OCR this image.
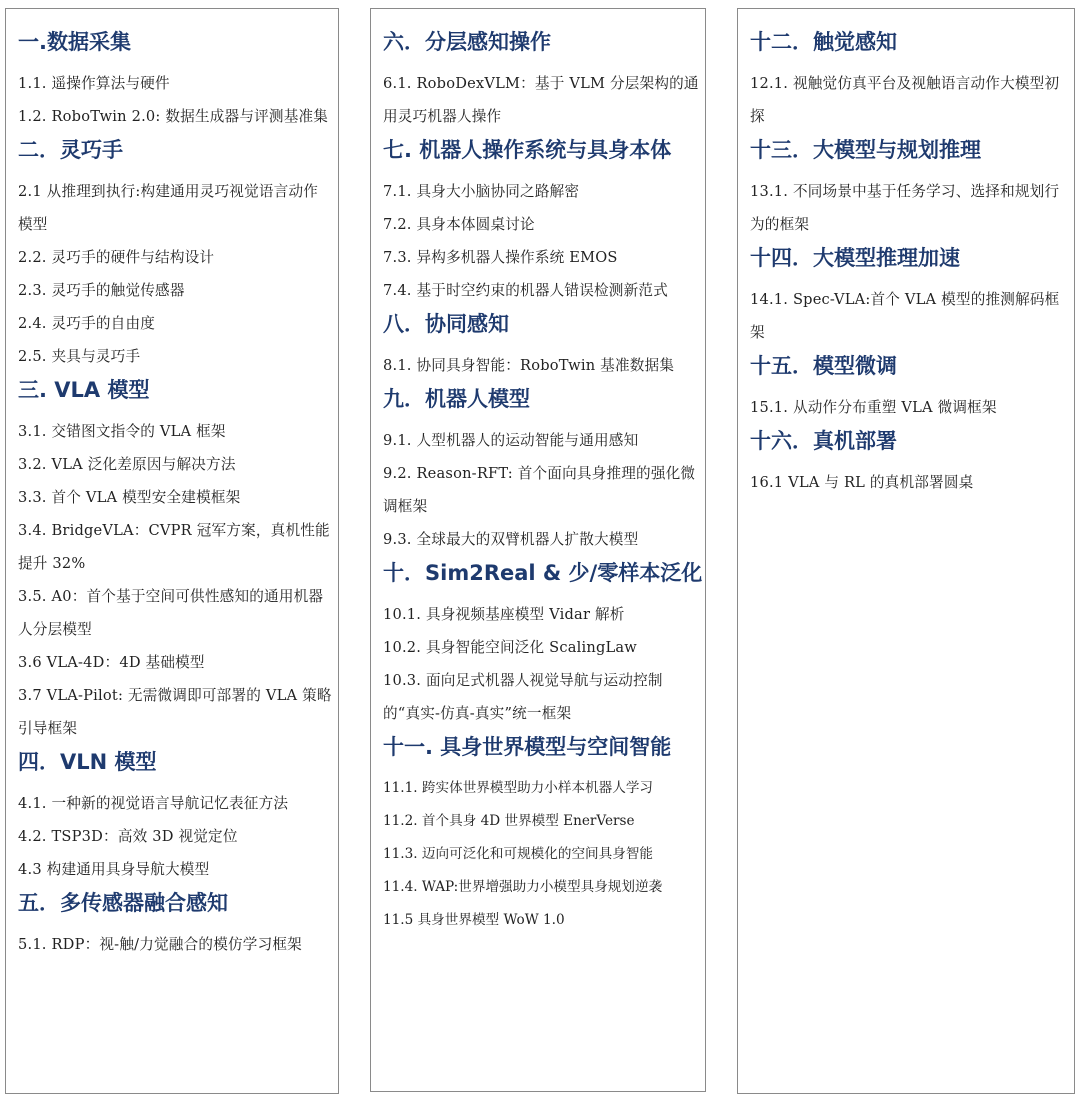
一.数据采集
1.1. 遥操作算法与硬件
1.2. RoboTwin 2.0: 数据生成器与评测基准集
二．灵巧手
2.1 从推理到执行:构建通用灵巧视觉语言动作模型
2.2. 灵巧手的硬件与结构设计
2.3. 灵巧手的触觉传感器
2.4. 灵巧手的自由度
2.5. 夹具与灵巧手
三. VLA 模型
3.1. 交错图文指令的 VLA 框架
3.2. VLA 泛化差原因与解决方法
3.3. 首个 VLA 模型安全建模框架
3.4. BridgeVLA：CVPR 冠军方案，真机性能提升 32%
3.5. A0：首个基于空间可供性感知的通用机器人分层模型
3.6 VLA-4D：4D 基础模型
3.7 VLA-Pilot: 无需微调即可部署的 VLA 策略引导框架
四．VLN 模型
4.1. 一种新的视觉语言导航记忆表征方法
4.2. TSP3D：高效 3D 视觉定位
4.3 构建通用具身导航大模型
五．多传感器融合感知
5.1. RDP：视-触/力觉融合的模仿学习框架
六．分层感知操作
6.1. RoboDexVLM：基于 VLM 分层架构的通用灵巧机器人操作
七. 机器人操作系统与具身本体
7.1. 具身大小脑协同之路解密
7.2. 具身本体圆桌讨论
7.3. 异构多机器人操作系统 EMOS
7.4. 基于时空约束的机器人错误检测新范式
八．协同感知
8.1. 协同具身智能：RoboTwin 基准数据集
九．机器人模型
9.1. 人型机器人的运动智能与通用感知
9.2. Reason-RFT: 首个面向具身推理的强化微调框架
9.3. 全球最大的双臂机器人扩散大模型
十．Sim2Real & 少/零样本泛化
10.1. 具身视频基座模型 Vidar 解析
10.2. 具身智能空间泛化 ScalingLaw
10.3. 面向足式机器人视觉导航与运动控制的“真实-仿真-真实”统一框架
十一. 具身世界模型与空间智能
11.1. 跨实体世界模型助力小样本机器人学习
11.2. 首个具身 4D 世界模型 EnerVerse
11.3. 迈向可泛化和可规模化的空间具身智能
11.4. WAP:世界增强助力小模型具身规划逆袭
11.5 具身世界模型 WoW 1.0
十二．触觉感知
12.1. 视触觉仿真平台及视触语言动作大模型初探
十三．大模型与规划推理
13.1. 不同场景中基于任务学习、选择和规划行为的框架
十四．大模型推理加速
14.1. Spec-VLA:首个 VLA 模型的推测解码框架
十五．模型微调
15.1. 从动作分布重塑 VLA 微调框架
十六．真机部署
16.1 VLA 与 RL 的真机部署圆桌
